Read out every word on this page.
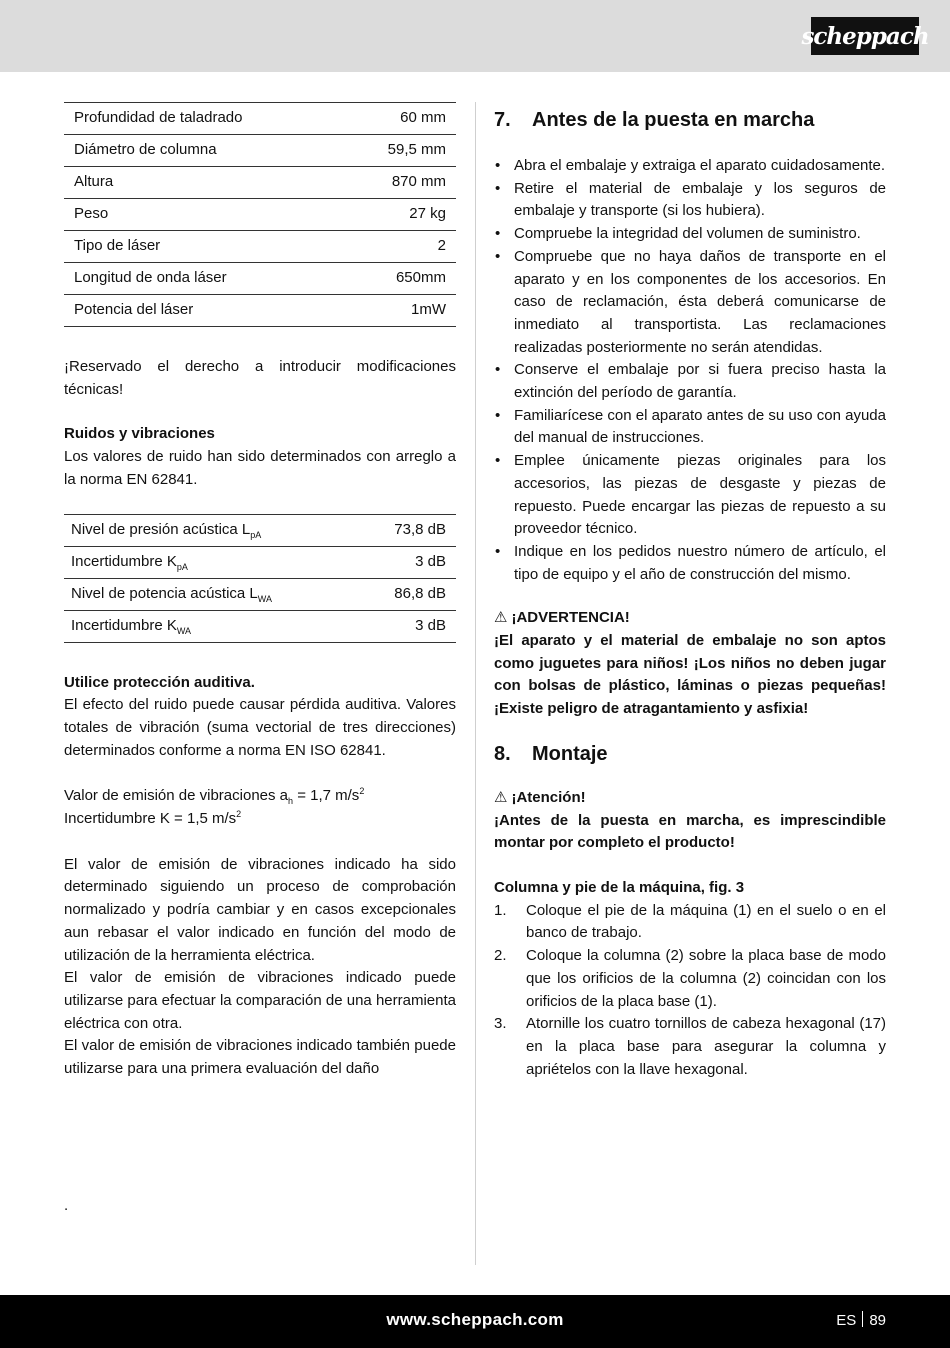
scheppach
Profundidad de taladrado	60 mm
Diámetro de columna	59,5 mm
Altura	870 mm
Peso	27 kg
Tipo de láser	2
Longitud de onda láser	650mm
Potencia del láser	1mW

¡Reservado el derecho a introducir modificaciones técnicas!

Ruidos y vibraciones

Los valores de ruido han sido determinados con arreglo a la norma EN 62841.

Nivel de presión acústica $L_{pA}$	73,8 dB
Incertidumbre $K_{pA}$	3 dB
Nivel de potencia acústica $L_{WA}$	86,8 dB
Incertidumbre $K_{WA}$	3 dB

Utilice protección auditiva.

El efecto del ruido puede causar pérdida auditiva. Valores totales de vibración (suma vectorial de tres direcciones) determinados conforme a norma EN ISO 62841.

Valor de emisión de vibraciones $a_h = 1,7$ $m/s^2$

Incertidumbre K = 1,5 $m/s^2$

El valor de emisión de vibraciones indicado ha sido determinado siguiendo un proceso de comprobación normalizado y podría cambiar y en casos excepcionales aun rebasar el valor indicado en función del modo de utilización de la herramienta eléctrica.

El valor de emisión de vibraciones indicado puede utilizarse para efectuar la comparación de una herramienta eléctrica con otra.

El valor de emisión de vibraciones indicado también puede utilizarse para una primera evaluación del daño

.

7.	Antes de la puesta en marcha
• Abra el embalaje y extraiga el aparato cuidadosamente.
• Retire el material de embalaje y los seguros de embalaje y transporte (si los hubiera).
• Compruebe la integridad del volumen de suministro.
• Compruebe que no haya daños de transporte en el aparato y en los componentes de los accesorios. En caso de reclamación, ésta deberá comunicarse de inmediato al transportista. Las reclamaciones realizadas posteriormente no serán atendidas.
• Conserve el embalaje por si fuera preciso hasta la extinción del período de garantía.
• Familiarícese con el aparato antes de su uso con ayuda del manual de instrucciones.
• Emplee únicamente piezas originales para los accesorios, las piezas de desgaste y piezas de repuesto. Puede encargar las piezas de repuesto a su proveedor técnico.
• Indique en los pedidos nuestro número de artículo, el tipo de equipo y el año de construcción del mismo.

⚠ ¡ADVERTENCIA!

¡El aparato y el material de embalaje no son aptos como juguetes para niños! ¡Los niños no deben jugar con bolsas de plástico, láminas o piezas pequeñas! ¡Existe peligro de atragantamiento y asfixia!

8.	Montaje

⚠ ¡Atención!

¡Antes de la puesta en marcha, es imprescindible montar por completo el producto!

Columna y pie de la máquina, fig. 3

1. Coloque el pie de la máquina (1) en el suelo o en el banco de trabajo.
2. Coloque la columna (2) sobre la placa base de modo que los orificios de la columna (2) coincidan con los orificios de la placa base (1).
3. Atornille los cuatro tornillos de cabeza hexagonal (17) en la placa base para asegurar la columna y apriételos con la llave hexagonal.
www.scheppach.com	ES 89
